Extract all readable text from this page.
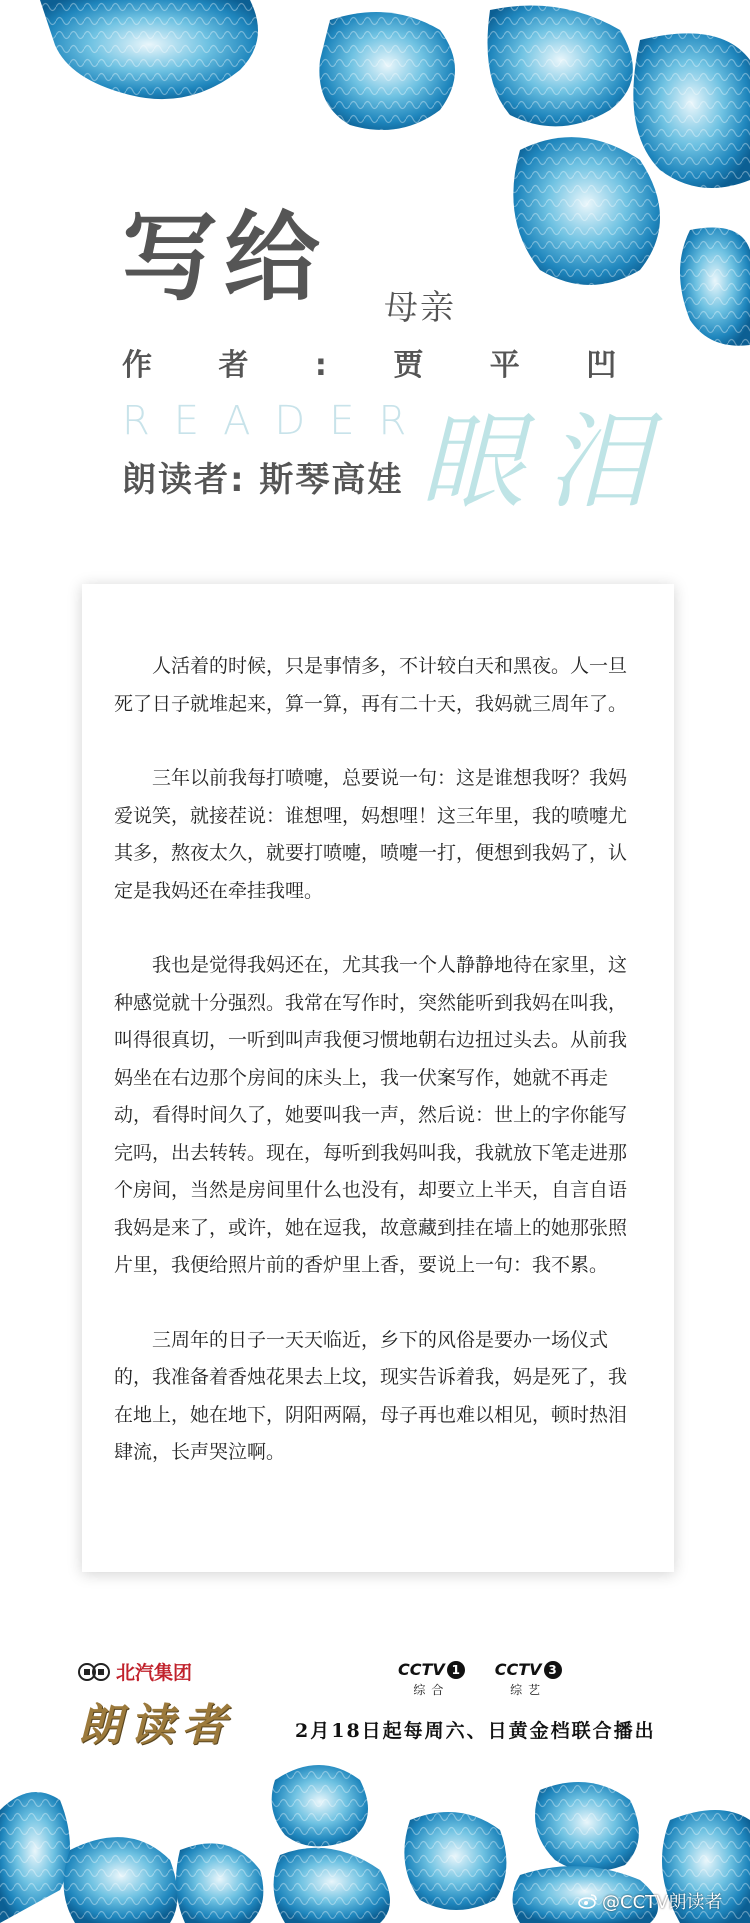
写给 母亲
作 者 : 贾 平 凹
READER
朗读者: 斯琴高娃 眼泪

人活着的时候，只是事情多，不计较白天和黑夜。人一旦死了日子就堆起来，算一算，再有二十天，我妈就三周年了。

三年以前我每打喷嚏，总要说一句：这是谁想我呀？我妈爱说笑，就接茬说：谁想哩，妈想哩！这三年里，我的喷嚏尤其多，熬夜太久，就要打喷嚏，喷嚏一打，便想到我妈了，认定是我妈还在牵挂我哩。

我也是觉得我妈还在，尤其我一个人静静地待在家里，这种感觉就十分强烈。我常在写作时，突然能听到我妈在叫我，叫得很真切，一听到叫声我便习惯地朝右边扭过头去。从前我妈坐在右边那个房间的床头上，我一伏案写作，她就不再走动，看得时间久了，她要叫我一声，然后说：世上的字你能写完吗，出去转转。现在，每听到我妈叫我，我就放下笔走进那个房间，当然是房间里什么也没有，却要立上半天，自言自语我妈是来了，或许，她在逗我，故意藏到挂在墙上的她那张照片里，我便给照片前的香炉里上香，要说上一句：我不累。

三周年的日子一天天临近，乡下的风俗是要办一场仪式的，我准备着香烛花果去上坟，现实告诉着我，妈是死了，我在地上，她在地下，阴阳两隔，母子再也难以相见，顿时热泪肆流，长声哭泣啊。

北汽集团
朗读者
CCTV 1
综合
CCTV 3
综艺
2月18日起每周六、日黄金档联合播出
@CCTV朗读者
